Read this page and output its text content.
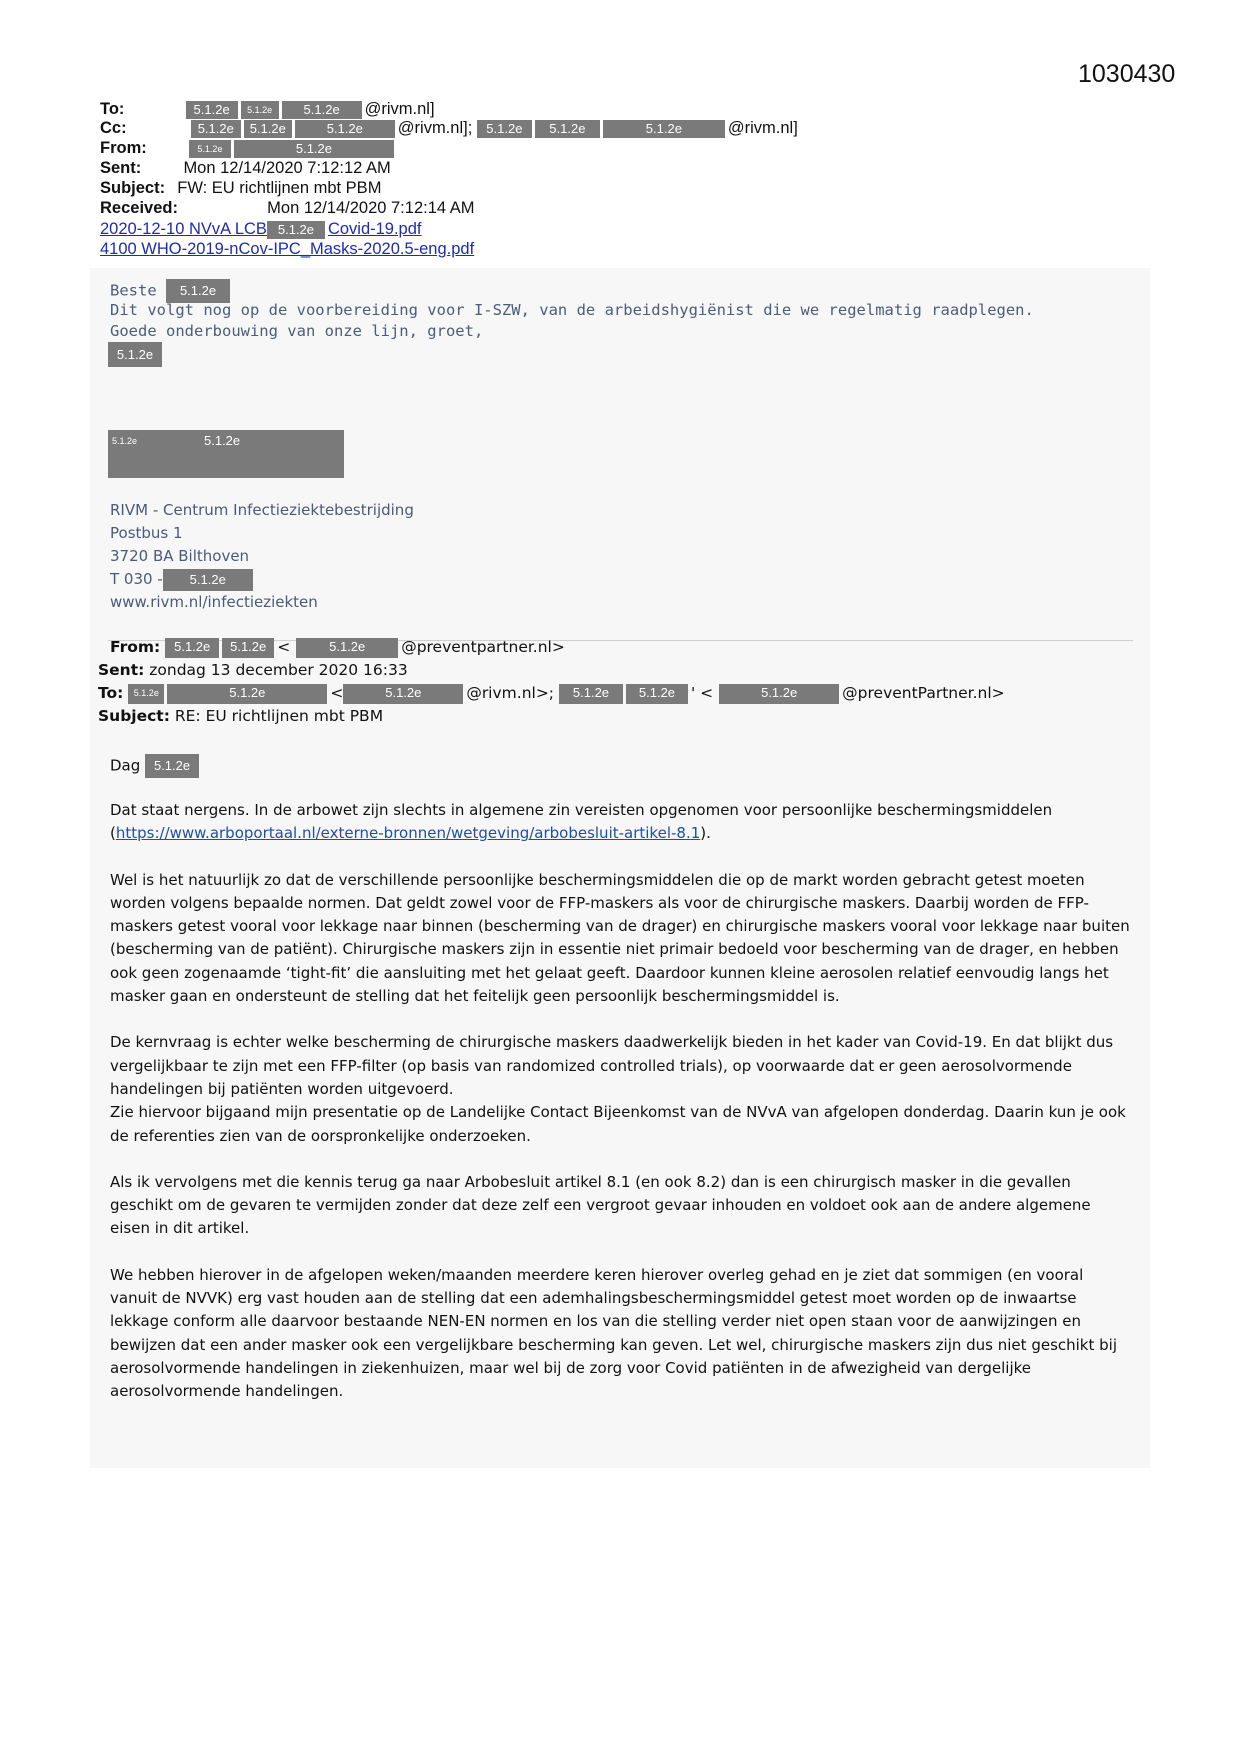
1030430
To:	5.1.2e 5.1.2e 5.1.2e @rivm.nl]
Cc:	5.1.2e 5.1.2e	5.1.2e @rivm.nl]; 5.1.2e 5.1.2e	5.1.2e	@rivm.nl]
From:	5.1.2e	5.1.2e
Sent:	Mon 12/14/2020 7:12:12 AM
Subject: FW: EU richtlijnen mbt PBM
Received:	Mon 12/14/2020 7:12:14 AM
2020-12-10 NVvA LCB 5.1.2e Covid-19.pdf
4100 WHO-2019-nCov-IPC_Masks-2020.5-eng.pdf
Beste 5.1.2e
Dit volgt nog op de voorbereiding voor I-SZW, van de arbeidshygiënist die we regelmatig raadplegen.
Goede onderbouwing van onze lijn, groet,
5.1.2e
5.1.2e	5.1.2e
RIVM - Centrum Infectieziektebestrijding
Postbus 1
3720 BA Bilthoven
T 030 - 5.1.2e
www.rivm.nl/infectieziekten
From: 5.1.2e 5.1.2e <	5.1.2e @preventpartner.nl>
Sent: zondag 13 december 2020 16:33
To: 5.1.2e	5.1.2e	<	5.1.2e	@rivm.nl>; 5.1.2e 5.1.2e ' <	5.1.2e	@preventPartner.nl>
Subject: RE: EU richtlijnen mbt PBM
Dag 5.1.2e

Dat staat nergens. In de arbowet zijn slechts in algemene zin vereisten opgenomen voor persoonlijke beschermingsmiddelen (https://www.arboportaal.nl/externe-bronnen/wetgeving/arbobesluit-artikel-8.1).

Wel is het natuurlijk zo dat de verschillende persoonlijke beschermingsmiddelen die op de markt worden gebracht getest moeten worden volgens bepaalde normen. Dat geldt zowel voor de FFP-maskers als voor de chirurgische maskers. Daarbij worden de FFP-maskers getest vooral voor lekkage naar binnen (bescherming van de drager) en chirurgische maskers vooral voor lekkage naar buiten (bescherming van de patiënt). Chirurgische maskers zijn in essentie niet primair bedoeld voor bescherming van de drager, en hebben ook geen zogenaamde ‘tight-fit’ die aansluiting met het gelaat geeft. Daardoor kunnen kleine aerosolen relatief eenvoudig langs het masker gaan en ondersteunt de stelling dat het feitelijk geen persoonlijk beschermingsmiddel is.

De kernvraag is echter welke bescherming de chirurgische maskers daadwerkelijk bieden in het kader van Covid-19. En dat blijkt dus vergelijkbaar te zijn met een FFP-filter (op basis van randomized controlled trials), op voorwaarde dat er geen aerosolvormende handelingen bij patiënten worden uitgevoerd.

Zie hiervoor bijgaand mijn presentatie op de Landelijke Contact Bijeenkomst van de NVvA van afgelopen donderdag. Daarin kun je ook de referenties zien van de oorspronkelijke onderzoeken.

Als ik vervolgens met die kennis terug ga naar Arbobesluit artikel 8.1 (en ook 8.2) dan is een chirurgisch masker in die gevallen geschikt om de gevaren te vermijden zonder dat deze zelf een vergroot gevaar inhouden en voldoet ook aan de andere algemene eisen in dit artikel.

We hebben hierover in de afgelopen weken/maanden meerdere keren hierover overleg gehad en je ziet dat sommigen (en vooral vanuit de NVVK) erg vast houden aan de stelling dat een ademhalingsbeschermingsmiddel getest moet worden op de inwaartse lekkage conform alle daarvoor bestaande NEN-EN normen en los van die stelling verder niet open staan voor de aanwijzingen en bewijzen dat een ander masker ook een vergelijkbare bescherming kan geven. Let wel, chirurgische maskers zijn dus niet geschikt bij aerosolvormende handelingen in ziekenhuizen, maar wel bij de zorg voor Covid patiënten in de afwezigheid van dergelijke aerosolvormende handelingen.
